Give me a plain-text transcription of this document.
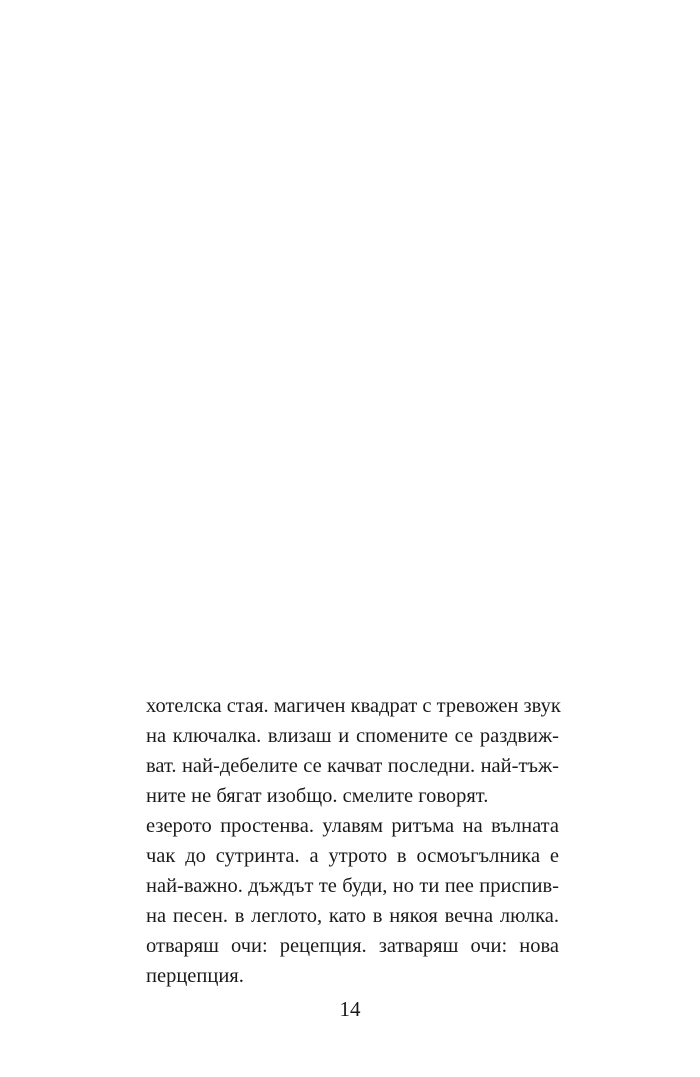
хотелска стая. магичен квадрат с тревожен звук
на ключалка. влизаш и спомените се раздвиж-
ват. най-дебелите се качват последни. най-тъж-
ните не бягат изобщо. смелите говорят.
езерото простенва. улавям ритъма на вълната
чак до сутринта. а утрото в осмоъгълника е
най-важно. дъждът те буди, но ти пее приспив-
на песен. в леглото, като в някоя вечна люлка.
отваряш очи: рецепция. затваряш очи: нова
перцепция.
14
